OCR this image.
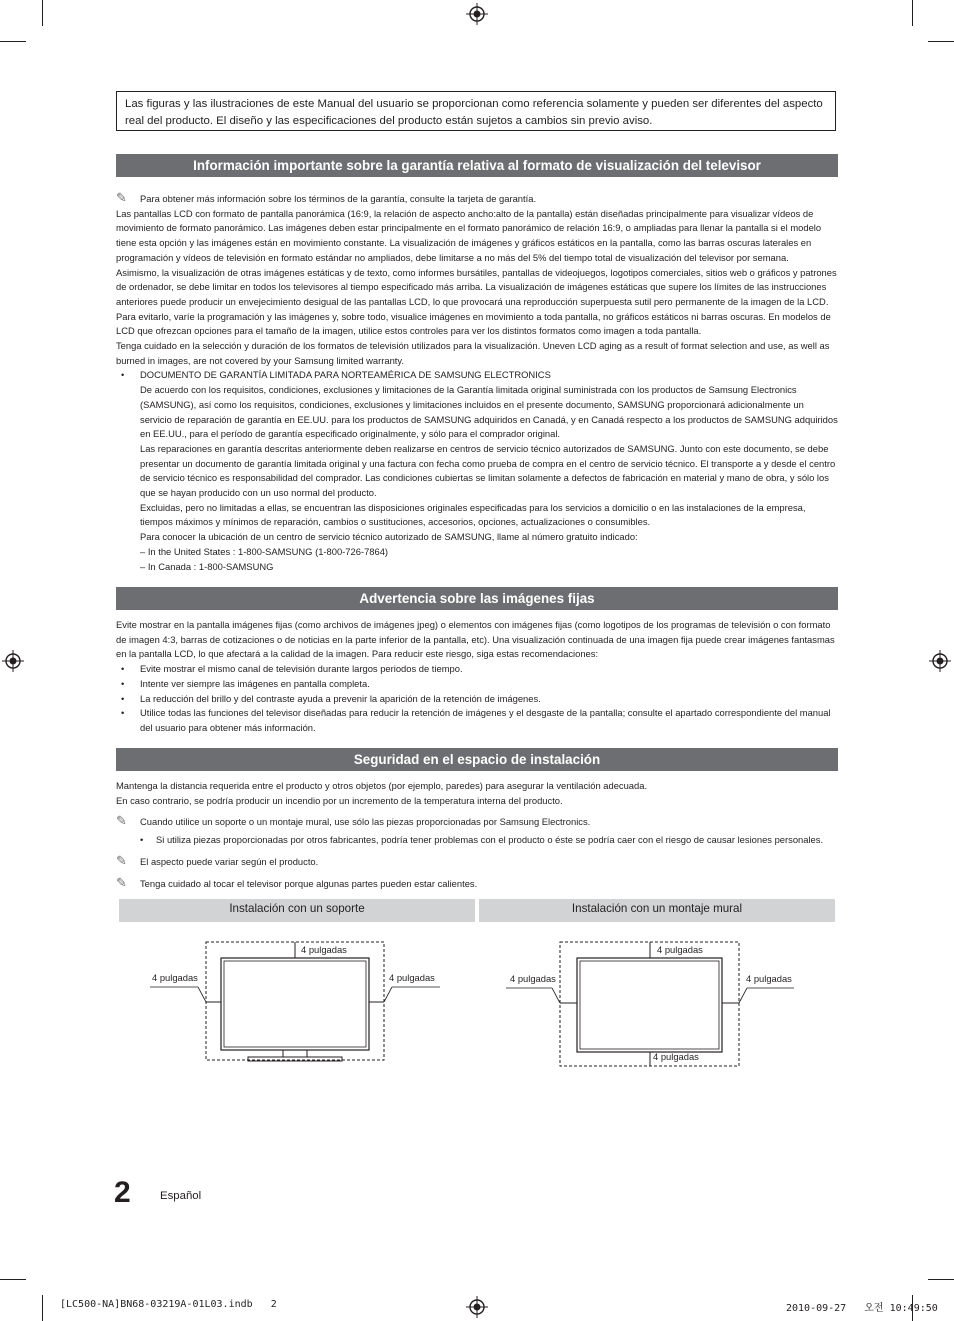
Las figuras y las ilustraciones de este Manual del usuario se proporcionan como referencia solamente y pueden ser diferentes del aspecto real del producto. El diseño y las especificaciones del producto están sujetos a cambios sin previo aviso.
Información importante sobre la garantía relativa al formato de visualización del televisor

✎ Para obtener más información sobre los términos de la garantía, consulte la tarjeta de garantía.

Las pantallas LCD con formato de pantalla panorámica (16:9, la relación de aspecto ancho:alto de la pantalla) están diseñadas principalmente para visualizar vídeos de movimiento de formato panorámico. Las imágenes deben estar principalmente en el formato panorámico de relación 16:9, o ampliadas para llenar la pantalla si el modelo tiene esta opción y las imágenes están en movimiento constante. La visualización de imágenes y gráficos estáticos en la pantalla, como las barras oscuras laterales en programación y vídeos de televisión en formato estándar no ampliados, debe limitarse a no más del 5% del tiempo total de visualización del televisor por semana.

Asimismo, la visualización de otras imágenes estáticas y de texto, como informes bursátiles, pantallas de videojuegos, logotipos comerciales, sitios web o gráficos y patrones de ordenador, se debe limitar en todos los televisores al tiempo especificado más arriba. La visualización de imágenes estáticas que supere los límites de las instrucciones anteriores puede producir un envejecimiento desigual de las pantallas LCD, lo que provocará una reproducción superpuesta sutil pero permanente de la imagen de la LCD. Para evitarlo, varíe la programación y las imágenes y, sobre todo, visualice imágenes en movimiento a toda pantalla, no gráficos estáticos ni barras oscuras. En modelos de LCD que ofrezcan opciones para el tamaño de la imagen, utilice estos controles para ver los distintos formatos como imagen a toda pantalla.

Tenga cuidado en la selección y duración de los formatos de televisión utilizados para la visualización. Uneven LCD aging as a result of format selection and use, as well as burned in images, are not covered by your Samsung limited warranty.

• DOCUMENTO DE GARANTÍA LIMITADA PARA NORTEAMÉRICA DE SAMSUNG ELECTRONICS

De acuerdo con los requisitos, condiciones, exclusiones y limitaciones de la Garantía limitada original suministrada con los productos de Samsung Electronics (SAMSUNG), así como los requisitos, condiciones, exclusiones y limitaciones incluidos en el presente documento, SAMSUNG proporcionará adicionalmente un servicio de reparación de garantía en EE.UU. para los productos de SAMSUNG adquiridos en Canadá, y en Canadá respecto a los productos de SAMSUNG adquiridos en EE.UU., para el período de garantía especificado originalmente, y sólo para el comprador original.

Las reparaciones en garantía descritas anteriormente deben realizarse en centros de servicio técnico autorizados de SAMSUNG. Junto con este documento, se debe presentar un documento de garantía limitada original y una factura con fecha como prueba de compra en el centro de servicio técnico. El transporte a y desde el centro de servicio técnico es responsabilidad del comprador. Las condiciones cubiertas se limitan solamente a defectos de fabricación en material y mano de obra, y sólo los que se hayan producido con un uso normal del producto.

Excluidas, pero no limitadas a ellas, se encuentran las disposiciones originales especificadas para los servicios a domicilio o en las instalaciones de la empresa, tiempos máximos y mínimos de reparación, cambios o sustituciones, accesorios, opciones, actualizaciones o consumibles.

Para conocer la ubicación de un centro de servicio técnico autorizado de SAMSUNG, llame al número gratuito indicado:

– In the United States : 1-800-SAMSUNG (1-800-726-7864)

– In Canada : 1-800-SAMSUNG

Advertencia sobre las imágenes fijas

Evite mostrar en la pantalla imágenes fijas (como archivos de imágenes jpeg) o elementos con imágenes fijas (como logotipos de los programas de televisión o con formato de imagen 4:3, barras de cotizaciones o de noticias en la parte inferior de la pantalla, etc). Una visualización continuada de una imagen fija puede crear imágenes fantasmas en la pantalla LCD, lo que afectará a la calidad de la imagen. Para reducir este riesgo, siga estas recomendaciones:

• Evite mostrar el mismo canal de televisión durante largos periodos de tiempo.

• Intente ver siempre las imágenes en pantalla completa.

• La reducción del brillo y del contraste ayuda a prevenir la aparición de la retención de imágenes.

• Utilice todas las funciones del televisor diseñadas para reducir la retención de imágenes y el desgaste de la pantalla; consulte el apartado correspondiente del manual del usuario para obtener más información.

Seguridad en el espacio de instalación

Mantenga la distancia requerida entre el producto y otros objetos (por ejemplo, paredes) para asegurar la ventilación adecuada.

En caso contrario, se podría producir un incendio por un incremento de la temperatura interna del producto.

✎ Cuando utilice un soporte o un montaje mural, use sólo las piezas proporcionadas por Samsung Electronics.

• Si utiliza piezas proporcionadas por otros fabricantes, podría tener problemas con el producto o éste se podría caer con el riesgo de causar lesiones personales.

✎ El aspecto puede variar según el producto.

✎ Tenga cuidado al tocar el televisor porque algunas partes pueden estar calientes.

Instalación con un soporte	Instalación con un montaje mural
4 pulgadas
4 pulgadas	4 pulgadas
4 pulgadas
4 pulgadas	4 pulgadas
4 pulgadas
2	Español
[LC500-NA]BN68-03219A-01L03.indb   2	2010-09-27   오전 10:49:50
